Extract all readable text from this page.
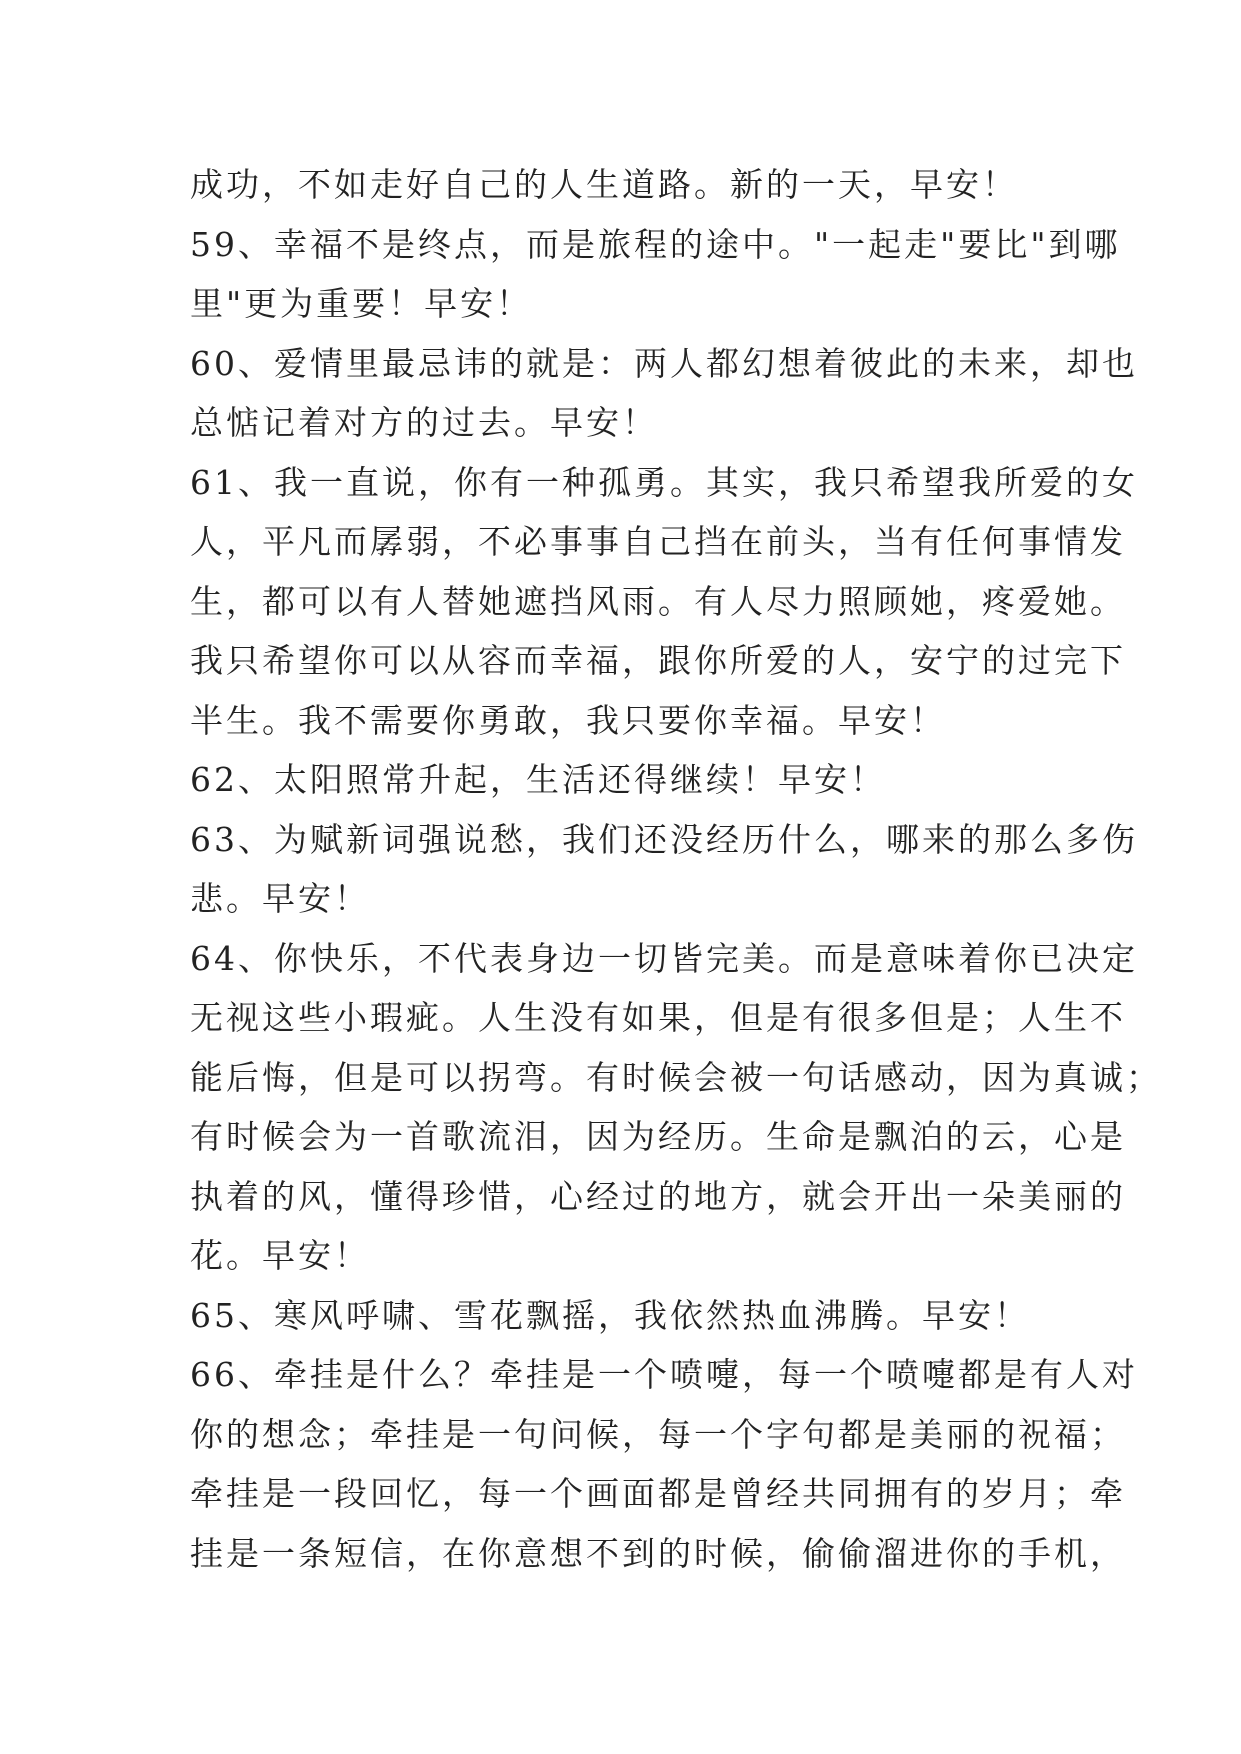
成功，不如走好自己的人生道路。新的一天，早安！
59、幸福不是终点，而是旅程的途中。"一起走"要比"到哪
里"更为重要！早安！
60、爱情里最忌讳的就是：两人都幻想着彼此的未来，却也
总惦记着对方的过去。早安！
61、我一直说，你有一种孤勇。其实，我只希望我所爱的女
人，平凡而孱弱，不必事事自己挡在前头，当有任何事情发
生，都可以有人替她遮挡风雨。有人尽力照顾她，疼爱她。
我只希望你可以从容而幸福，跟你所爱的人，安宁的过完下
半生。我不需要你勇敢，我只要你幸福。早安！
62、太阳照常升起，生活还得继续！早安！
63、为赋新词强说愁，我们还没经历什么，哪来的那么多伤
悲。早安！
64、你快乐，不代表身边一切皆完美。而是意味着你已决定
无视这些小瑕疵。人生没有如果，但是有很多但是；人生不
能后悔，但是可以拐弯。有时候会被一句话感动，因为真诚；
有时候会为一首歌流泪，因为经历。生命是飘泊的云，心是
执着的风，懂得珍惜，心经过的地方，就会开出一朵美丽的
花。早安！
65、寒风呼啸、雪花飘摇，我依然热血沸腾。早安！
66、牵挂是什么？牵挂是一个喷嚏，每一个喷嚏都是有人对
你的想念；牵挂是一句问候，每一个字句都是美丽的祝福；
牵挂是一段回忆，每一个画面都是曾经共同拥有的岁月；牵
挂是一条短信，在你意想不到的时候，偷偷溜进你的手机，
